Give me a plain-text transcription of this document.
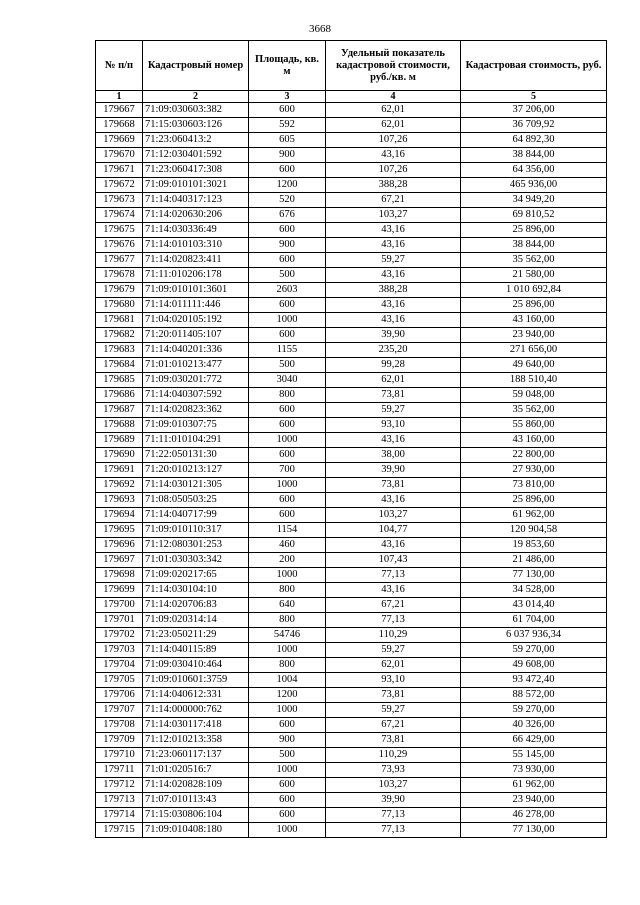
3668
№ п/п	Кадастровый номер	Площадь, кв. м	Удельный показатель кадастровой стоимости, руб./кв. м	Кадастровая стоимость, руб.
1	2	3	4	5
179667	71:09:030603:382	600	62,01	37 206,00
179668	71:15:030603:126	592	62,01	36 709,92
179669	71:23:060413:2	605	107,26	64 892,30
179670	71:12:030401:592	900	43,16	38 844,00
179671	71:23:060417:308	600	107,26	64 356,00
179672	71:09:010101:3021	1200	388,28	465 936,00
179673	71:14:040317:123	520	67,21	34 949,20
179674	71:14:020630:206	676	103,27	69 810,52
179675	71:14:030336:49	600	43,16	25 896,00
179676	71:14:010103:310	900	43,16	38 844,00
179677	71:14:020823:411	600	59,27	35 562,00
179678	71:11:010206:178	500	43,16	21 580,00
179679	71:09:010101:3601	2603	388,28	1 010 692,84
179680	71:14:011111:446	600	43,16	25 896,00
179681	71:04:020105:192	1000	43,16	43 160,00
179682	71:20:011405:107	600	39,90	23 940,00
179683	71:14:040201:336	1155	235,20	271 656,00
179684	71:01:010213:477	500	99,28	49 640,00
179685	71:09:030201:772	3040	62,01	188 510,40
179686	71:14:040307:592	800	73,81	59 048,00
179687	71:14:020823:362	600	59,27	35 562,00
179688	71:09:010307:75	600	93,10	55 860,00
179689	71:11:010104:291	1000	43,16	43 160,00
179690	71:22:050131:30	600	38,00	22 800,00
179691	71:20:010213:127	700	39,90	27 930,00
179692	71:14:030121:305	1000	73,81	73 810,00
179693	71:08:050503:25	600	43,16	25 896,00
179694	71:14:040717:99	600	103,27	61 962,00
179695	71:09:010110:317	1154	104,77	120 904,58
179696	71:12:080301:253	460	43,16	19 853,60
179697	71:01:030303:342	200	107,43	21 486,00
179698	71:09:020217:65	1000	77,13	77 130,00
179699	71:14:030104:10	800	43,16	34 528,00
179700	71:14:020706:83	640	67,21	43 014,40
179701	71:09:020314:14	800	77,13	61 704,00
179702	71:23:050211:29	54746	110,29	6 037 936,34
179703	71:14:040115:89	1000	59,27	59 270,00
179704	71:09:030410:464	800	62,01	49 608,00
179705	71:09:010601:3759	1004	93,10	93 472,40
179706	71:14:040612:331	1200	73,81	88 572,00
179707	71:14:000000:762	1000	59,27	59 270,00
179708	71:14:030117:418	600	67,21	40 326,00
179709	71:12:010213:358	900	73,81	66 429,00
179710	71:23:060117:137	500	110,29	55 145,00
179711	71:01:020516:7	1000	73,93	73 930,00
179712	71:14:020828:109	600	103,27	61 962,00
179713	71:07:010113:43	600	39,90	23 940,00
179714	71:15:030806:104	600	77,13	46 278,00
179715	71:09:010408:180	1000	77,13	77 130,00
